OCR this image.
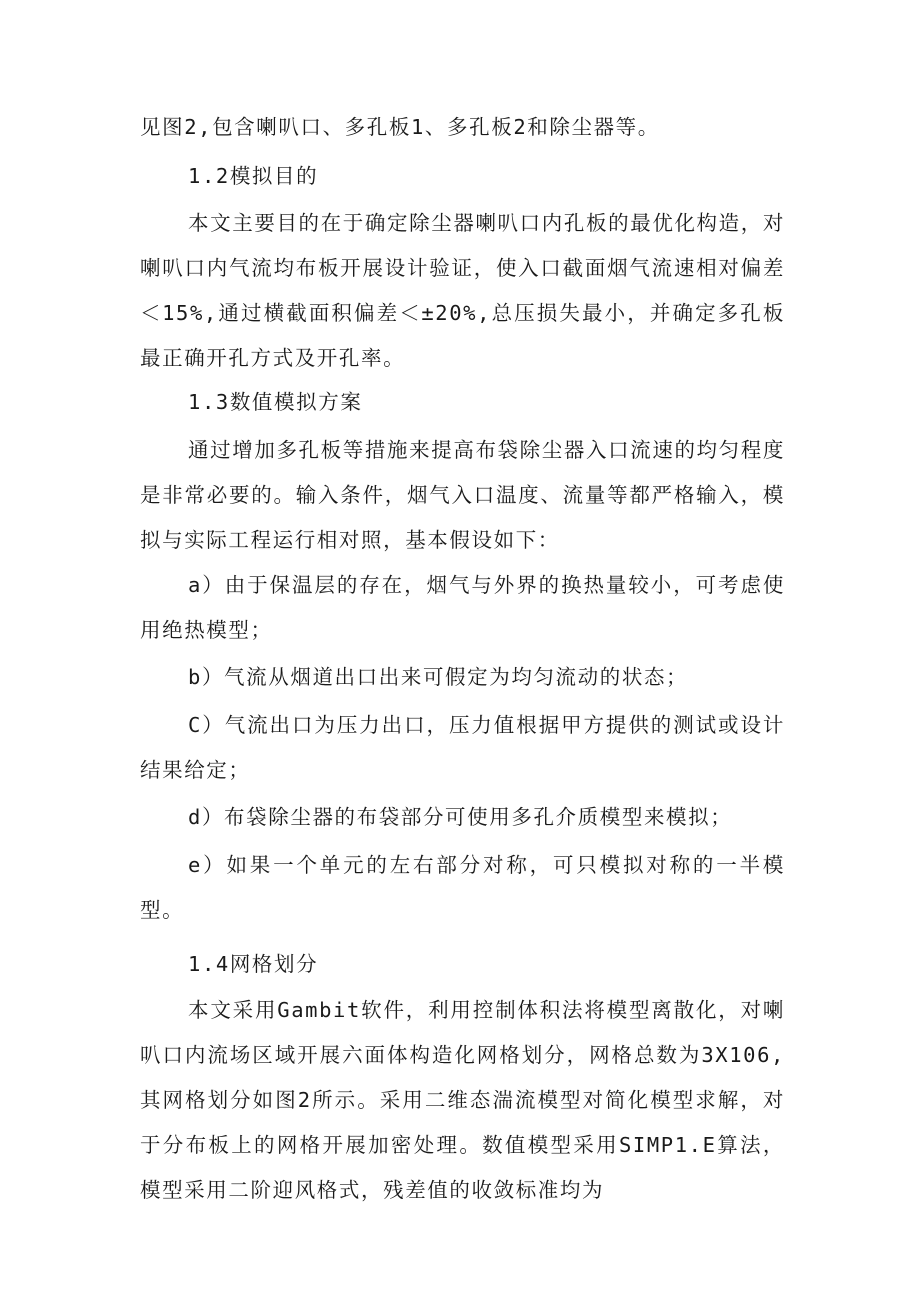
见图2,包含喇叭口、多孔板1、多孔板2和除尘器等。

1.2模拟目的

本文主要目的在于确定除尘器喇叭口内孔板的最优化构造，对喇叭口内气流均布板开展设计验证，使入口截面烟气流速相对偏差＜15%,通过横截面积偏差＜±20%,总压损失最小，并确定多孔板最正确开孔方式及开孔率。

1.3数值模拟方案

通过增加多孔板等措施来提高布袋除尘器入口流速的均匀程度是非常必要的。输入条件，烟气入口温度、流量等都严格输入，模拟与实际工程运行相对照，基本假设如下：

a）由于保温层的存在，烟气与外界的换热量较小，可考虑使用绝热模型；

b）气流从烟道出口出来可假定为均匀流动的状态；

C）气流出口为压力出口，压力值根据甲方提供的测试或设计结果给定；

d）布袋除尘器的布袋部分可使用多孔介质模型来模拟；

e）如果一个单元的左右部分对称，可只模拟对称的一半模型。

1.4网格划分

本文采用Gambit软件，利用控制体积法将模型离散化，对喇叭口内流场区域开展六面体构造化网格划分，网格总数为3X106,其网格划分如图2所示。采用二维态湍流模型对简化模型求解，对于分布板上的网格开展加密处理。数值模型采用SIMP1.E算法，模型采用二阶迎风格式，残差值的收敛标准均为
